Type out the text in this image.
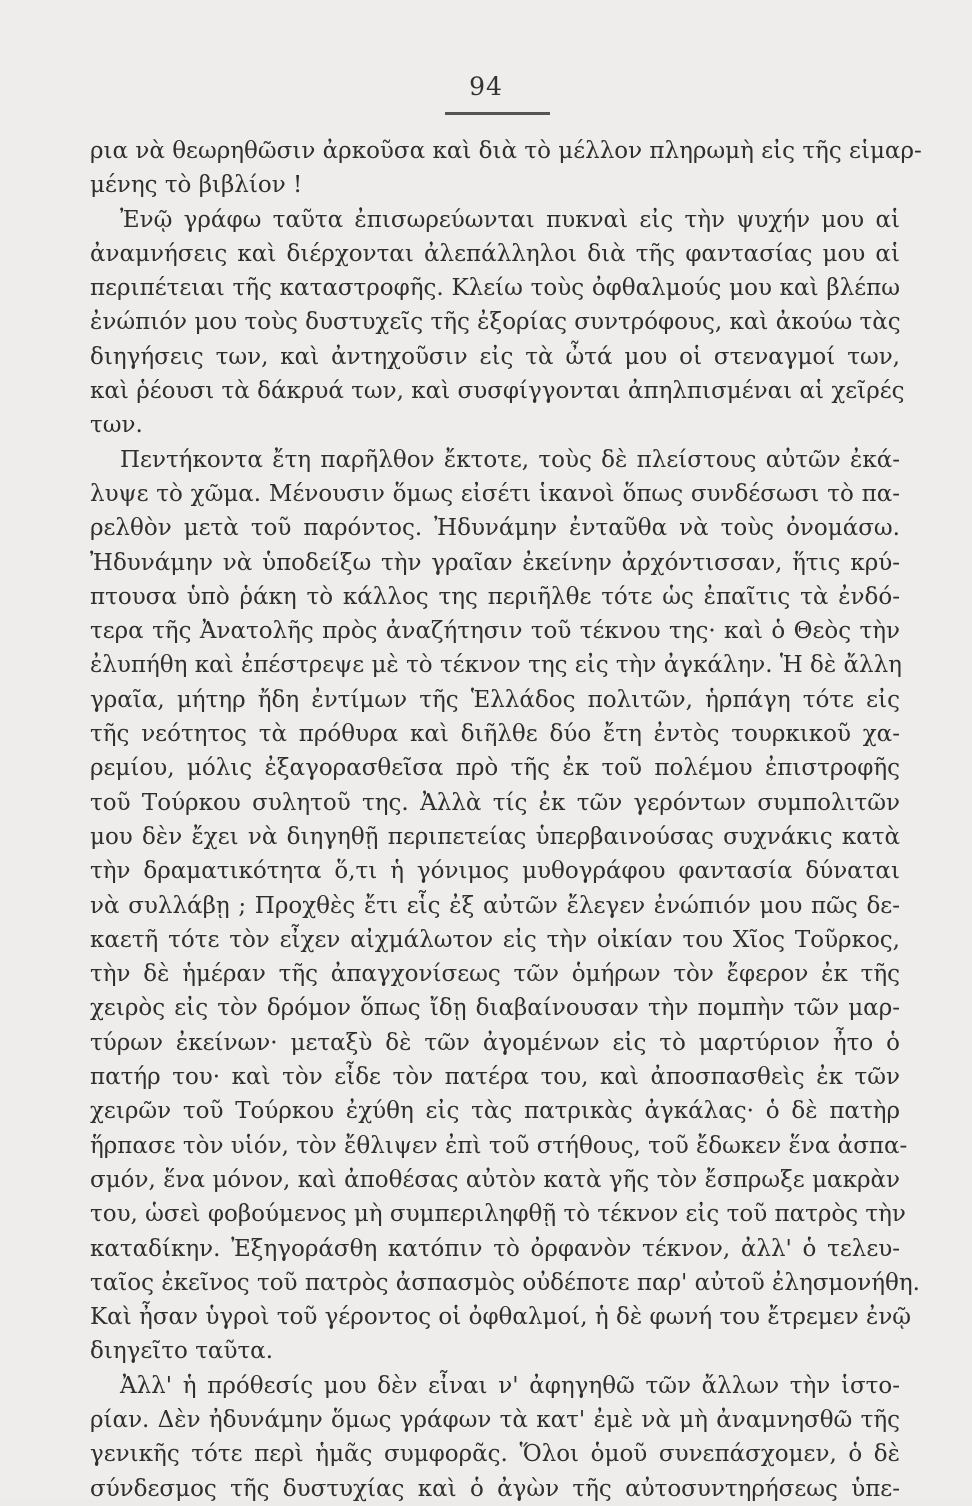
94
ρια νὰ θεωρηθῶσιν ἀρκοῦσα καὶ διὰ τὸ μέλλον πληρωμὴ εἰς τῆς εἱμαρ-
μένης τὸ βιβλίον !
Ἐνῷ γράφω ταῦτα ἐπισωρεύωνται πυκναὶ εἰς τὴν ψυχήν μου αἱ
ἀναμνήσεις καὶ διέρχονται ἀλεπάλληλοι διὰ τῆς φαντασίας μου αἱ
περιπέτειαι τῆς καταστροφῆς. Κλείω τοὺς ὀφθαλμούς μου καὶ βλέπω
ἐνώπιόν μου τοὺς δυστυχεῖς τῆς ἐξορίας συντρόφους, καὶ ἀκούω τὰς
διηγήσεις των, καὶ ἀντηχοῦσιν εἰς τὰ ὦτά μου οἱ στεναγμοί των,
καὶ ῥέουσι τὰ δάκρυά των, καὶ συσφίγγονται ἀπηλπισμέναι αἱ χεῖρές
των.
Πεντήκοντα ἔτη παρῆλθον ἔκτοτε, τοὺς δὲ πλείστους αὐτῶν ἐκά-
λυψε τὸ χῶμα. Μένουσιν ὅμως εἰσέτι ἱκανοὶ ὅπως συνδέσωσι τὸ πα-
ρελθὸν μετὰ τοῦ παρόντος. Ἠδυνάμην ἐνταῦθα νὰ τοὺς ὀνομάσω.
Ἠδυνάμην νὰ ὑποδείξω τὴν γραῖαν ἐκείνην ἀρχόντισσαν, ἥτις κρύ-
πτουσα ὑπὸ ῥάκη τὸ κάλλος της περιῆλθε τότε ὡς ἐπαῖτις τὰ ἐνδό-
τερα τῆς Ἀνατολῆς πρὸς ἀναζήτησιν τοῦ τέκνου της· καὶ ὁ Θεὸς τὴν
ἐλυπήθη καὶ ἐπέστρεψε μὲ τὸ τέκνον της εἰς τὴν ἀγκάλην. Ἡ δὲ ἄλλη
γραῖα, μήτηρ ἤδη ἐντίμων τῆς Ἑλλάδος πολιτῶν, ἡρπάγη τότε εἰς
τῆς νεότητος τὰ πρόθυρα καὶ διῆλθε δύο ἔτη ἐντὸς τουρκικοῦ χα-
ρεμίου, μόλις ἐξαγορασθεῖσα πρὸ τῆς ἐκ τοῦ πολέμου ἐπιστροφῆς
τοῦ Τούρκου συλητοῦ της. Ἀλλὰ τίς ἐκ τῶν γερόντων συμπολιτῶν
μου δὲν ἔχει νὰ διηγηθῇ περιπετείας ὑπερβαινούσας συχνάκις κατὰ
τὴν δραματικότητα ὅ,τι ἡ γόνιμος μυθογράφου φαντασία δύναται
νὰ συλλάβῃ ; Προχθὲς ἔτι εἷς ἐξ αὐτῶν ἔλεγεν ἐνώπιόν μου πῶς δε-
καετῆ τότε τὸν εἶχεν αἰχμάλωτον εἰς τὴν οἰκίαν του Χῖος Τοῦρκος,
τὴν δὲ ἡμέραν τῆς ἀπαγχονίσεως τῶν ὁμήρων τὸν ἔφερον ἐκ τῆς
χειρὸς εἰς τὸν δρόμον ὅπως ἴδῃ διαβαίνουσαν τὴν πομπὴν τῶν μαρ-
τύρων ἐκείνων· μεταξὺ δὲ τῶν ἀγομένων εἰς τὸ μαρτύριον ἦτο ὁ
πατήρ του· καὶ τὸν εἶδε τὸν πατέρα του, καὶ ἀποσπασθεὶς ἐκ τῶν
χειρῶν τοῦ Τούρκου ἐχύθη εἰς τὰς πατρικὰς ἀγκάλας· ὁ δὲ πατὴρ
ἥρπασε τὸν υἱόν, τὸν ἔθλιψεν ἐπὶ τοῦ στήθους, τοῦ ἔδωκεν ἕνα ἀσπα-
σμόν, ἕνα μόνον, καὶ ἀποθέσας αὐτὸν κατὰ γῆς τὸν ἔσπρωξε μακρὰν
του, ὡσεὶ φοβούμενος μὴ συμπεριληφθῇ τὸ τέκνον εἰς τοῦ πατρὸς τὴν
καταδίκην. Ἐξηγοράσθη κατόπιν τὸ ὀρφανὸν τέκνον, ἀλλ' ὁ τελευ-
ταῖος ἐκεῖνος τοῦ πατρὸς ἀσπασμὸς οὐδέποτε παρ' αὐτοῦ ἐλησμονήθη.
Καὶ ἦσαν ὑγροὶ τοῦ γέροντος οἱ ὀφθαλμοί, ἡ δὲ φωνή του ἔτρεμεν ἐνῷ
διηγεῖτο ταῦτα.
Ἀλλ' ἡ πρόθεσίς μου δὲν εἶναι ν' ἀφηγηθῶ τῶν ἄλλων τὴν ἱστο-
ρίαν. Δὲν ἠδυνάμην ὅμως γράφων τὰ κατ' ἐμὲ νὰ μὴ ἀναμνησθῶ τῆς
γενικῆς τότε περὶ ἡμᾶς συμφορᾶς. Ὅλοι ὁμοῦ συνεπάσχομεν, ὁ δὲ
σύνδεσμος τῆς δυστυχίας καὶ ὁ ἀγὼν τῆς αὐτοσυντηρήσεως ὑπε-
